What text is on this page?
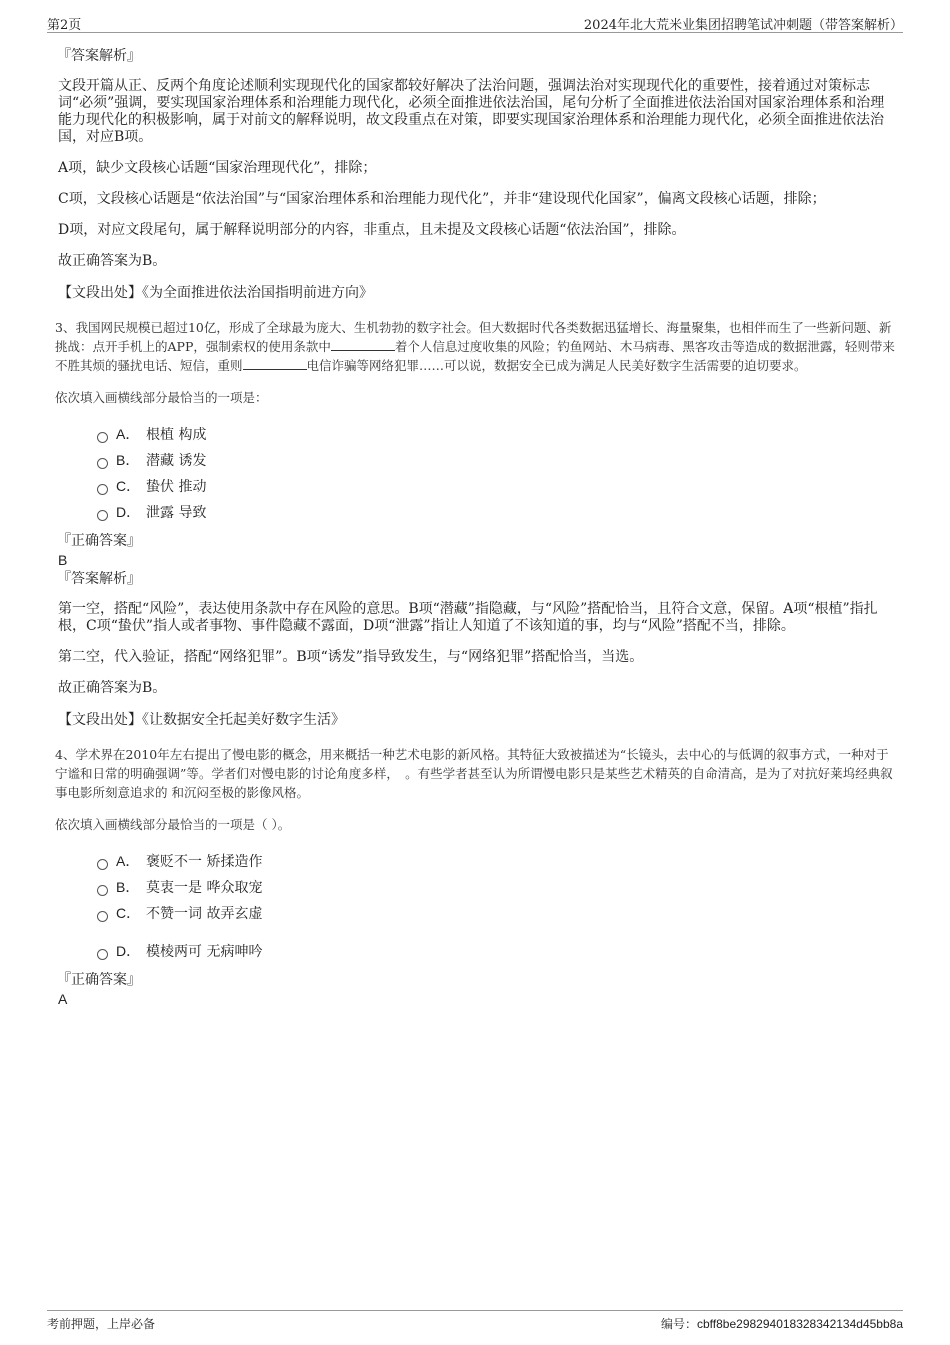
第2页	2024年北大荒米业集团招聘笔试冲刺题（带答案解析）
『答案解析』

文段开篇从正、反两个角度论述顺利实现现代化的国家都较好解决了法治问题，强调法治对实现现代化的重要性，接着通过对策标志词“必须”强调，要实现国家治理体系和治理能力现代化，必须全面推进依法治国，尾句分析了全面推进依法治国对国家治理体系和治理能力现代化的积极影响，属于对前文的解释说明，故文段重点在对策，即要实现国家治理体系和治理能力现代化，必须全面推进依法治国，对应B项。

A项，缺少文段核心话题“国家治理现代化”，排除；

C项，文段核心话题是“依法治国”与“国家治理体系和治理能力现代化”，并非“建设现代化国家”，偏离文段核心话题，排除；

D项，对应文段尾句，属于解释说明部分的内容，非重点，且未提及文段核心话题“依法治国”，排除。

故正确答案为B。

【文段出处】《为全面推进依法治国指明前进方向》

3、我国网民规模已超过10亿，形成了全球最为庞大、生机勃勃的数字社会。但大数据时代各类数据迅猛增长、海量聚集，也相伴而生了一些新问题、新挑战：点开手机上的APP，强制索权的使用条款中	着个人信息过度收集的风险；钓鱼网站、木马病毒、黑客攻击等造成的数据泄露，轻则带来不胜其烦的骚扰电话、短信，重则	电信诈骗等网络犯罪……可以说，数据安全已成为满足人民美好数字生活需要的迫切要求。
依次填入画横线部分最恰当的一项是：
A． 根植 构成
B． 潜藏 诱发
C． 蛰伏 推动
D． 泄露 导致
『正确答案』
B
『答案解析』

第一空，搭配“风险”，表达使用条款中存在风险的意思。B项“潜藏”指隐藏，与“风险”搭配恰当，且符合文意，保留。A项“根植”指扎根，C项“蛰伏”指人或者事物、事件隐藏不露面，D项“泄露”指让人知道了不该知道的事，均与“风险”搭配不当，排除。

第二空，代入验证，搭配“网络犯罪”。B项“诱发”指导致发生，与“网络犯罪”搭配恰当，当选。

故正确答案为B。

【文段出处】《让数据安全托起美好数字生活》

4、学术界在2010年左右提出了慢电影的概念，用来概括一种艺术电影的新风格。其特征大致被描述为“长镜头，去中心的与低调的叙事方式，一种对于宁谧和日常的明确强调”等。学者们对慢电影的讨论角度多样，　。有些学者甚至认为所谓慢电影只是某些艺术精英的自命清高，是为了对抗好莱坞经典叙事电影所刻意追求的 和沉闷至极的影像风格。
依次填入画横线部分最恰当的一项是（ ）。
A． 褒贬不一 矫揉造作
B． 莫衷一是 哗众取宠
C． 不赞一词 故弄玄虚
D． 模棱两可 无病呻吟
『正确答案』
A
考前押题，上岸必备	编号：cbff8be298294018328342134d45bb8a
